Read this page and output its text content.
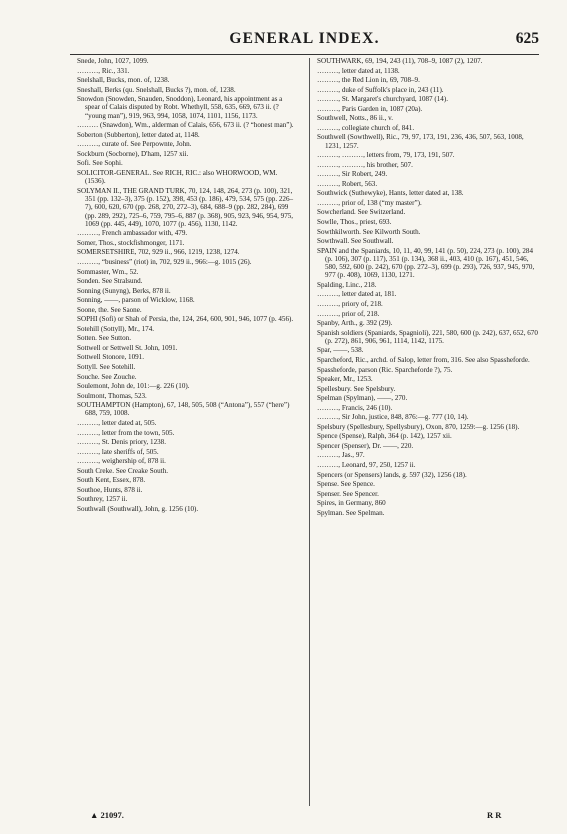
GENERAL INDEX.	625
Snede, John, 1027, 1099.
………, Ric., 331.
Snelshall, Bucks, mon. of, 1238.
Sneshall, Berks (qu. Snelshall, Bucks ?), mon. of, 1238.
Snowdon (Snowden, Snauden, Snoddon), Leonard, his appointment as a spear of Calais disputed by Robt. Whethyll, 558, 635, 669, 673 ii. (? “young man”), 919, 963, 994, 1058, 1074, 1101, 1156, 1173.
……… (Snawdon), Wm., alderman of Calais, 656, 673 ii. (? “honest man”).
Soberton (Subberton), letter dated at, 1148.
………, curate of. See Perpownte, John.
Sockburn (Socborne), D'ham, 1257 xii.
Sofi. See Sophi.
SOLICITOR-GENERAL. See RICH, RIC.: also WHORWOOD, WM. (1536).
SOLYMAN II., THE GRAND TURK, 70, 124, 148, 264, 273 (p. 100), 321, 351 (pp. 132–3), 375 (p. 152), 398, 453 (p. 186), 479, 534, 575 (pp. 226–7), 600, 620, 670 (pp. 268, 270, 272–3), 684, 688–9 (pp. 282, 284), 699 (pp. 289, 292), 725–6, 759, 795–6, 887 (p. 368), 905, 923, 946, 954, 975, 1069 (pp. 445, 449), 1070, 1077 (p. 456), 1130, 1142.
………, French ambassador with, 479.
Somer, Thos., stockfishmonger, 1171.
SOMERSETSHIRE, 702, 929 ii., 966, 1219, 1238, 1274.
………, “business” (riot) in, 702, 929 ii., 966:—g. 1015 (26).
Sommaster, Wm., 52.
Sonden. See Stralsund.
Sonning (Sunyng), Berks, 878 ii.
Sonning, ——, parson of Wicklow, 1168.
Soone, the. See Saone.
SOPHI (Sofi) or Shah of Persia, the, 124, 264, 600, 901, 946, 1077 (p. 456).
Sotehill (Sottyll), Mr., 174.
Sotten. See Sutton.
Sottwell or Settwell St. John, 1091.
Sottwell Stonore, 1091.
Sottyll. See Sotehill.
Souche. See Zouche.
Soulemont, John de, 101:—g. 226 (10).
Soulmont, Thomas, 523.
SOUTHAMPTON (Hampton), 67, 148, 505, 508 (“Antona”), 557 (“here”) 688, 759, 1008.
………, letter dated at, 505.
………, letter from the town, 505.
………, St. Denis priory, 1238.
………, late sheriffs of, 505.
………, weighership of, 878 ii.
South Creke. See Creake South.
South Kent, Essex, 878.
Southoe, Hunts, 878 ii.
Southrey, 1257 ii.
Southwall (Southwall), John, g. 1256 (10).
SOUTHWARK, 69, 194, 243 (11), 708–9, 1087 (2), 1207.
………, letter dated at, 1138.
………, the Red Lion in, 69, 708–9.
………, duke of Suffolk's place in, 243 (11).
………, St. Margaret's churchyard, 1087 (14).
………, Paris Garden in, 1087 (20a).
Southwell, Notts., 86 ii., v.
………, collegiate church of, 841.
Southwell (Sowthwell), Ric., 79, 97, 173, 191, 236, 436, 507, 563, 1008, 1231, 1257.
………, ………, letters from, 79, 173, 191, 507.
………, ………, his brother, 507.
………, Sir Robert, 249.
………, Robert, 563.
Southwick (Suthewyke), Hants, letter dated at, 138.
………, prior of, 138 (“my master”).
Sowcherland. See Switzerland.
Sowlle, Thos., priest, 693.
Sowthkilworth. See Kilworth South.
Sowthwall. See Southwall.
SPAIN and the Spaniards, 10, 11, 40, 99, 141 (p. 50), 224, 273 (p. 100), 284 (p. 106), 307 (p. 117), 351 (p. 134), 368 ii., 403, 410 (p. 167), 451, 546, 580, 592, 600 (p. 242), 670 (pp. 272–3), 699 (p. 293), 726, 937, 945, 970, 977 (p. 408), 1069, 1130, 1271.
Spalding, Linc., 218.
………, letter dated at, 181.
………, priory of, 218.
………, prior of, 218.
Spanby, Arth., g. 392 (29).
Spanish soldiers (Spaniards, Spagnioli), 221, 580, 600 (p. 242), 637, 652, 670 (p. 272), 861, 906, 961, 1114, 1142, 1175.
Spar, ——, 538.
Sparcheford, Ric., archd. of Salop, letter from, 316. See also Spassheforde.
Spassheforde, parson (Ric. Sparcheforde ?), 75.
Speaker, Mr., 1253.
Spellesbury. See Spelsbury.
Spelman (Spylman), ——, 270.
………, Francis, 246 (10).
………, Sir John, justice, 848, 876:—g. 777 (10, 14).
Spelsbury (Spellesbury, Spellysbury), Oxon, 870, 1259:—g. 1256 (18).
Spence (Spense), Ralph, 364 (p. 142), 1257 xii.
Spencer (Spenser), Dr. ——, 220.
………, Jas., 97.
………, Leonard, 97, 250, 1257 ii.
Spencers (or Spensers) lands, g. 597 (32), 1256 (18).
Spense. See Spence.
Spenser. See Spencer.
Spires, in Germany, 860
Spylman. See Spelman.
▲ 21097.	R R
